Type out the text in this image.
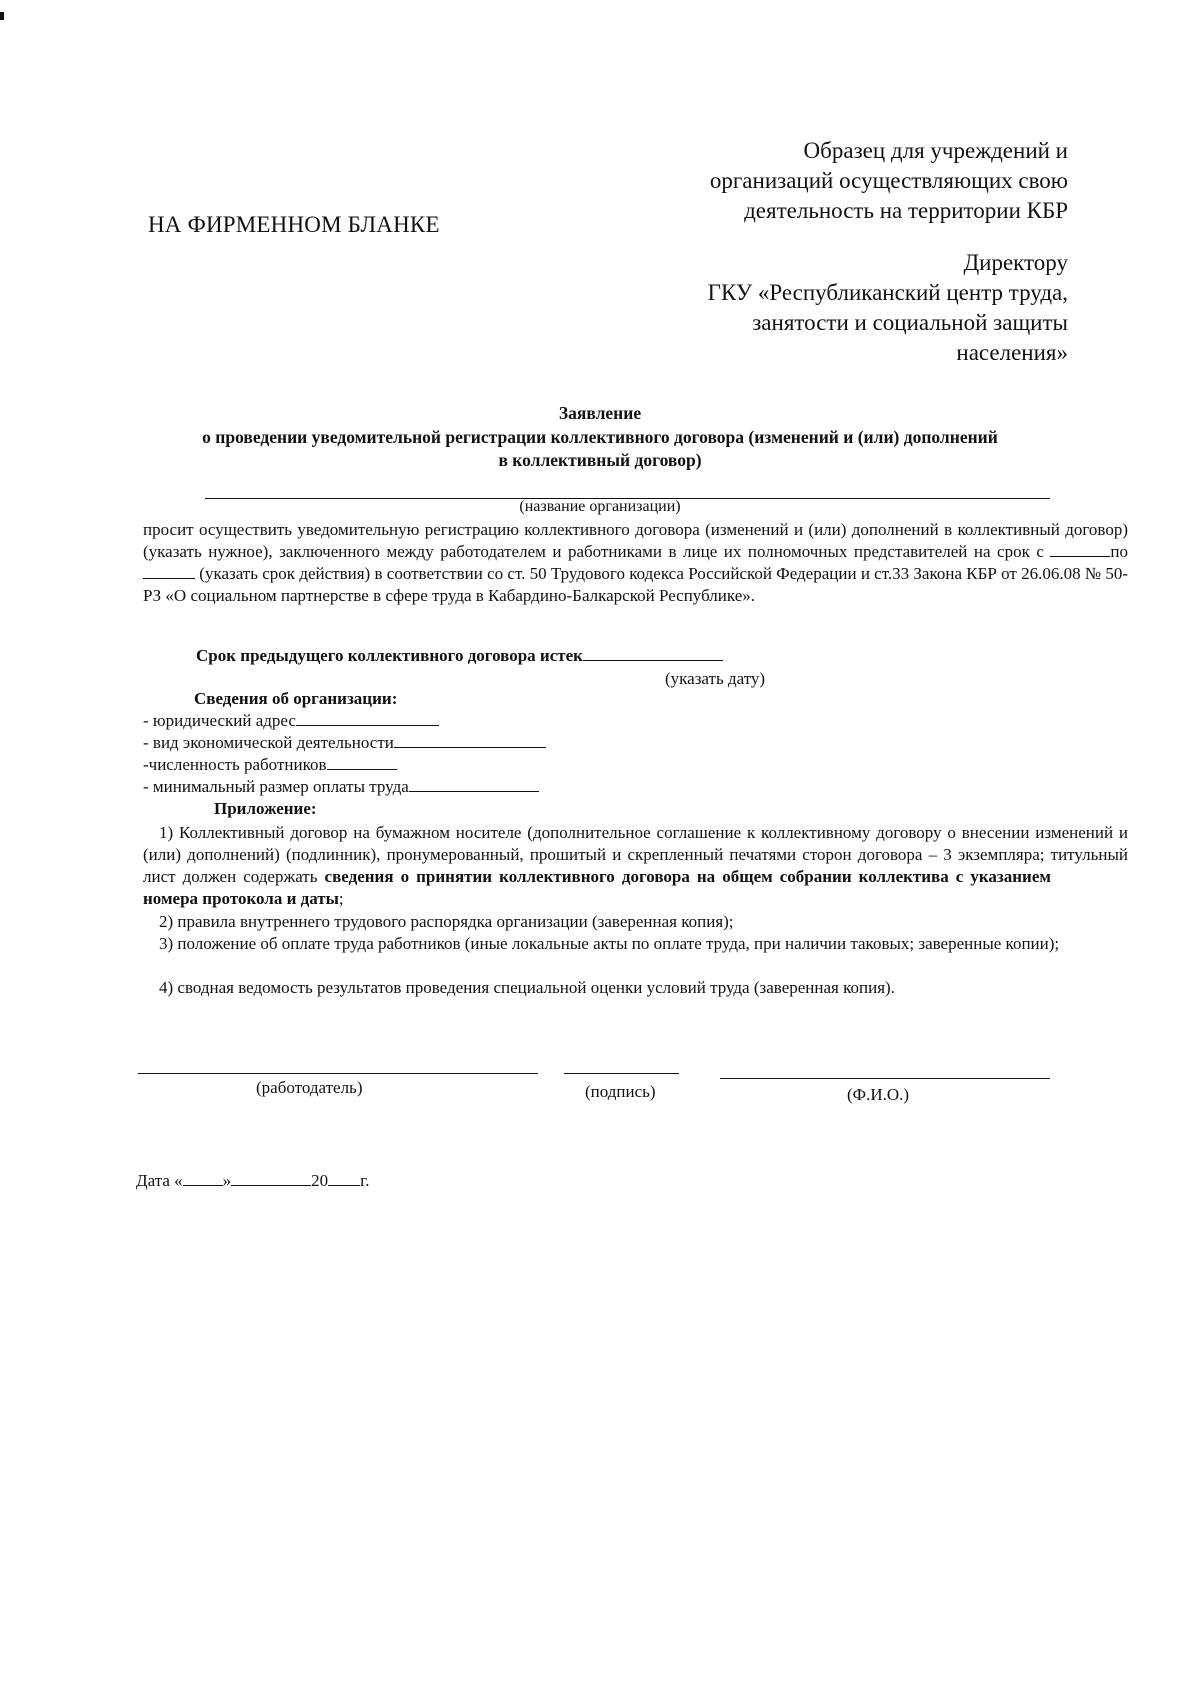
НА ФИРМЕННОМ БЛАНКЕ
Образец для учреждений и
организаций осуществляющих свою
деятельность на территории КБР
Директору
ГКУ «Республиканский центр труда,
занятости и социальной защиты
населения»
Заявление
о проведении уведомительной регистрации коллективного договора (изменений и (или) дополнений в коллективный договор)
(название организации)
просит осуществить уведомительную регистрацию коллективного договора (изменений и (или) дополнений в коллективный договор) (указать нужное), заключенного между работодателем и работниками в лице их полномочных представителей на срок с	по (указать срок действия) в соответствии со ст. 50 Трудового кодекса Российской Федерации и ст.33 Закона КБР от 26.06.08 № 50-РЗ «О социальном партнерстве в сфере труда в Кабардино-Балкарской Республике».
Срок предыдущего коллективного договора истек
(указать дату)
Сведения об организации:
- юридический адрес
- вид экономической деятельности
-численность работников
- минимальный размер оплаты труда
Приложение:
1) Коллективный договор на бумажном носителе (дополнительное соглашение к коллективному договору о внесении изменений и (или) дополнений) (подлинник), пронумерованный, прошитый и скрепленный печатями сторон договора – 3 экземпляра; титульный лист должен содержать сведения о принятии коллективного договора на общем собрании коллектива с указанием  номера протокола и даты;
2) правила внутреннего трудового распорядка организации (заверенная копия);
3) положение об оплате труда работников (иные локальные акты по оплате труда, при наличии таковых; заверенные копии);
4) сводная ведомость результатов проведения специальной оценки условий труда (заверенная копия).
(работодатель)	(подпись)	(Ф.И.О.)
Дата « »	20 г.
